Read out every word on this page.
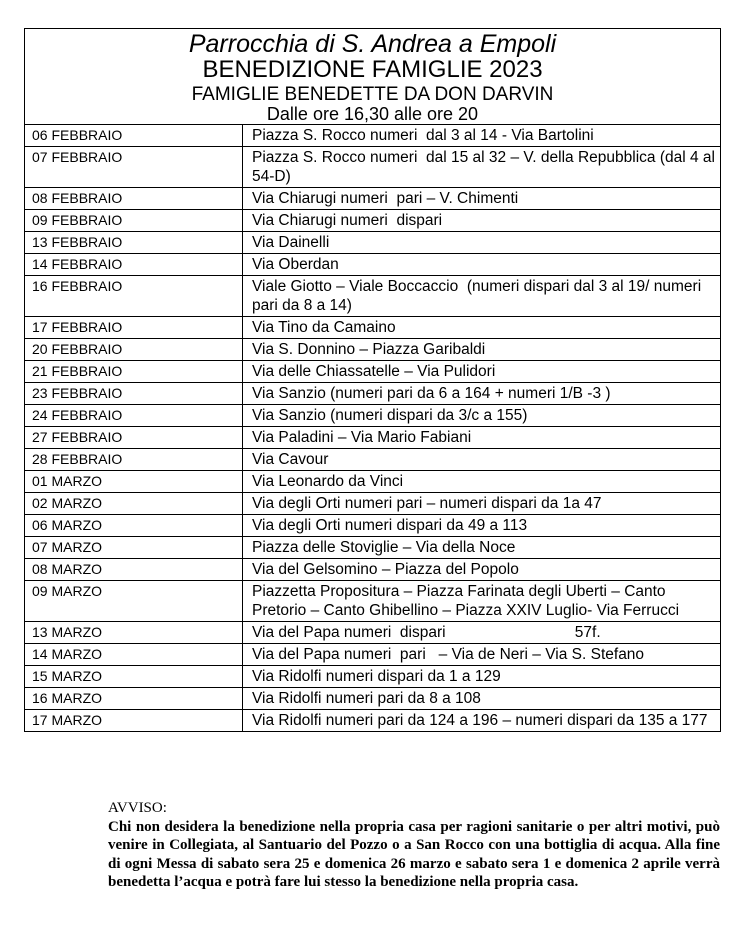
Parrocchia di S. Andrea a Empoli
BENEDIZIONE FAMIGLIE 2023
FAMIGLIE BENEDETTE DA DON DARVIN
Dalle ore 16,30 alle ore 20
06 FEBBRAIO	Piazza S. Rocco numeri  dal 3 al 14 - Via Bartolini
07 FEBBRAIO	Piazza S. Rocco numeri  dal 15 al 32 – V. della Repubblica (dal 4 al 54-D)
08 FEBBRAIO	Via Chiarugi numeri  pari – V. Chimenti
09 FEBBRAIO	Via Chiarugi numeri  dispari
13 FEBBRAIO	Via Dainelli
14 FEBBRAIO	Via Oberdan
16 FEBBRAIO	Viale Giotto – Viale Boccaccio  (numeri dispari dal 3 al 19/ numeri pari da 8 a 14)
17 FEBBRAIO	Via Tino da Camaino
20 FEBBRAIO	Via S. Donnino – Piazza Garibaldi
21 FEBBRAIO	Via delle Chiassatelle – Via Pulidori
23 FEBBRAIO	Via Sanzio (numeri pari da 6 a 164 + numeri 1/B -3 )
24 FEBBRAIO	Via Sanzio (numeri dispari da 3/c a 155)
27 FEBBRAIO	Via Paladini – Via Mario Fabiani
28 FEBBRAIO	Via Cavour
01 MARZO	Via Leonardo da Vinci
02 MARZO	Via degli Orti numeri pari – numeri dispari da 1a 47
06 MARZO	Via degli Orti numeri dispari da 49 a 113
07 MARZO	Piazza delle Stoviglie – Via della Noce
08 MARZO	Via del Gelsomino – Piazza del Popolo
09 MARZO	Piazzetta Propositura – Piazza Farinata degli Uberti – Canto Pretorio – Canto Ghibellino – Piazza XXIV Luglio- Via Ferrucci
13 MARZO	Via del Papa numeri  dispari                              57f.
14 MARZO	Via del Papa numeri  pari   – Via de Neri – Via S. Stefano
15 MARZO	Via Ridolfi numeri dispari da 1 a 129
16 MARZO	Via Ridolfi numeri pari da 8 a 108
17 MARZO	Via Ridolfi numeri pari da 124 a 196 – numeri dispari da 135 a 177
AVVISO:
Chi non desidera la benedizione nella propria casa per ragioni sanitarie o per altri motivi, può venire in Collegiata, al Santuario del Pozzo o a San Rocco con una bottiglia di acqua. Alla fine di ogni Messa di sabato sera 25 e domenica 26 marzo e sabato sera 1 e domenica 2 aprile verrà benedetta l’acqua e potrà fare lui stesso la benedizione nella propria casa.
